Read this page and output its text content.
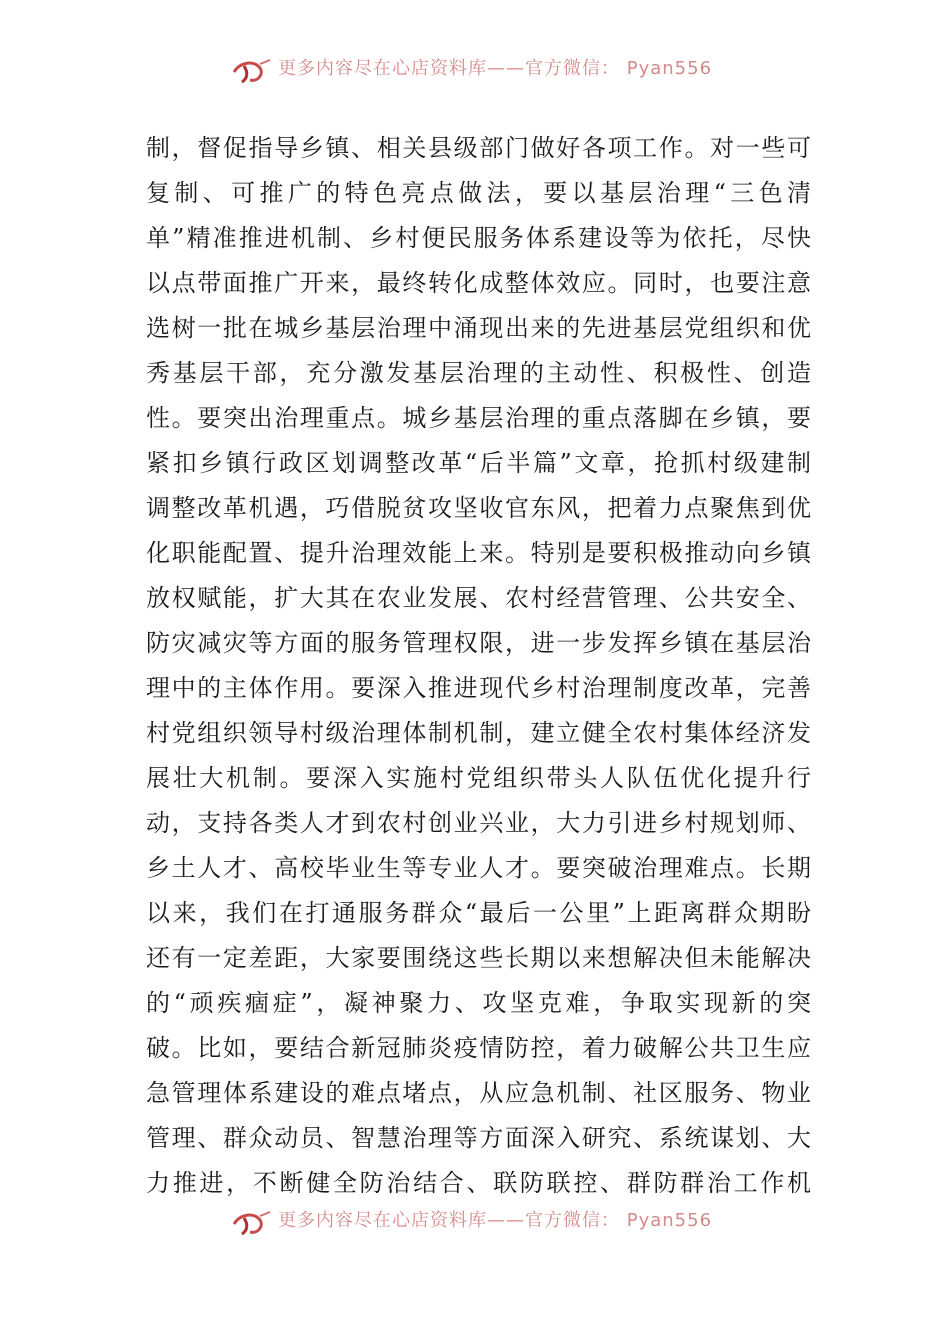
更多内容尽在心店资料库——官方微信： Pyan556
制，督促指导乡镇、相关县级部门做好各项工作。对一些可
复制、可推广的特色亮点做法，要以基层治理“三色清
单”精准推进机制、乡村便民服务体系建设等为依托，尽快
以点带面推广开来，最终转化成整体效应。同时，也要注意
选树一批在城乡基层治理中涌现出来的先进基层党组织和优
秀基层干部，充分激发基层治理的主动性、积极性、创造
性。要突出治理重点。城乡基层治理的重点落脚在乡镇，要
紧扣乡镇行政区划调整改革“后半篇”文章，抢抓村级建制
调整改革机遇，巧借脱贫攻坚收官东风，把着力点聚焦到优
化职能配置、提升治理效能上来。特别是要积极推动向乡镇
放权赋能，扩大其在农业发展、农村经营管理、公共安全、
防灾减灾等方面的服务管理权限，进一步发挥乡镇在基层治
理中的主体作用。要深入推进现代乡村治理制度改革，完善
村党组织领导村级治理体制机制，建立健全农村集体经济发
展壮大机制。要深入实施村党组织带头人队伍优化提升行
动，支持各类人才到农村创业兴业，大力引进乡村规划师、
乡土人才、高校毕业生等专业人才。要突破治理难点。长期
以来，我们在打通服务群众“最后一公里”上距离群众期盼
还有一定差距，大家要围绕这些长期以来想解决但未能解决
的“顽疾痼症”，凝神聚力、攻坚克难，争取实现新的突
破。比如，要结合新冠肺炎疫情防控，着力破解公共卫生应
急管理体系建设的难点堵点，从应急机制、社区服务、物业
管理、群众动员、智慧治理等方面深入研究、系统谋划、大
力推进，不断健全防治结合、联防联控、群防群治工作机
更多内容尽在心店资料库——官方微信： Pyan556
